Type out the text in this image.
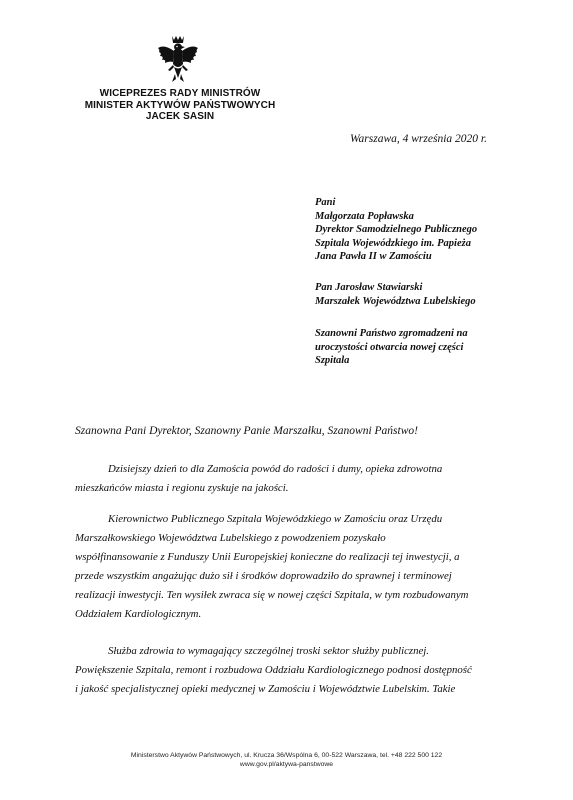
WICEPREZES RADY MINISTRÓW
MINISTER AKTYWÓW PAŃSTWOWYCH
JACEK SASIN
Warszawa, 4 września 2020 r.
Pani
Małgorzata Popławska
Dyrektor Samodzielnego Publicznego
Szpitala Wojewódzkiego im. Papieża
Jana Pawła II w Zamościu
Pan Jarosław Stawiarski
Marszałek Województwa Lubelskiego
Szanowni Państwo zgromadzeni na
uroczystości otwarcia nowej części
Szpitala
Szanowna Pani Dyrektor, Szanowny Panie Marszałku, Szanowni Państwo!
Dzisiejszy dzień to dla Zamościa powód do radości i dumy, opieka zdrowotna
mieszkańców miasta i regionu zyskuje na jakości.
Kierownictwo Publicznego Szpitala Wojewódzkiego w Zamościu oraz Urzędu
Marszałkowskiego Województwa Lubelskiego z powodzeniem pozyskało
współfinansowanie z Funduszy Unii Europejskiej konieczne do realizacji tej inwestycji, a
przede wszystkim angażując dużo sił i środków doprowadziło do sprawnej i terminowej
realizacji inwestycji. Ten wysiłek zwraca się w nowej części Szpitala, w tym rozbudowanym
Oddziałem Kardiologicznym.
Służba zdrowia to wymagający szczególnej troski sektor służby publicznej.
Powiększenie Szpitala, remont i rozbudowa Oddziału Kardiologicznego podnosi dostępność
i jakość specjalistycznej opieki medycznej w Zamościu i Województwie Lubelskim. Takie
Ministerstwo Aktywów Państwowych, ul. Krucza 36/Wspólna 6, 00-522 Warszawa, tel. +48 222 500 122
www.gov.pl/aktywa-panstwowe
